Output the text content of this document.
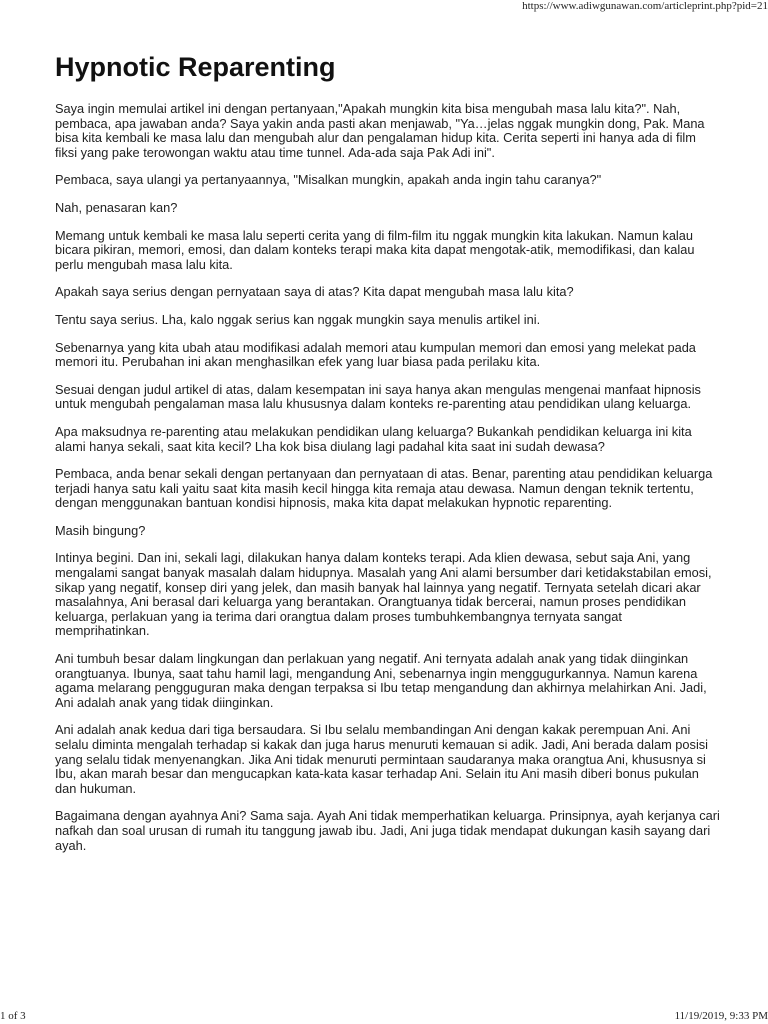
https://www.adiwgunawan.com/articleprint.php?pid=21
Hypnotic Reparenting

Saya ingin memulai artikel ini dengan pertanyaan,"Apakah mungkin kita bisa mengubah masa lalu kita?". Nah, pembaca, apa jawaban anda? Saya yakin anda pasti akan menjawab, "Ya…jelas nggak mungkin dong, Pak. Mana bisa kita kembali ke masa lalu dan mengubah alur dan pengalaman hidup kita. Cerita seperti ini hanya ada di film fiksi yang pake terowongan waktu atau time tunnel. Ada-ada saja Pak Adi ini".

Pembaca, saya ulangi ya pertanyaannya, "Misalkan mungkin, apakah anda ingin tahu caranya?"

Nah, penasaran kan?

Memang untuk kembali ke masa lalu seperti cerita yang di film-film itu nggak mungkin kita lakukan. Namun kalau bicara pikiran, memori, emosi, dan dalam konteks terapi maka kita dapat mengotak-atik, memodifikasi, dan kalau perlu mengubah masa lalu kita.

Apakah saya serius dengan pernyataan saya di atas? Kita dapat mengubah masa lalu kita?

Tentu saya serius. Lha, kalo nggak serius kan nggak mungkin saya menulis artikel ini.

Sebenarnya yang kita ubah atau modifikasi adalah memori atau kumpulan memori dan emosi yang melekat pada memori itu. Perubahan ini akan menghasilkan efek yang luar biasa pada perilaku kita.

Sesuai dengan judul artikel di atas, dalam kesempatan ini saya hanya akan mengulas mengenai manfaat hipnosis untuk mengubah pengalaman masa lalu khususnya dalam konteks re-parenting atau pendidikan ulang keluarga.

Apa maksudnya re-parenting atau melakukan pendidikan ulang keluarga? Bukankah pendidikan keluarga ini kita alami hanya sekali, saat kita kecil? Lha kok bisa diulang lagi padahal kita saat ini sudah dewasa?

Pembaca, anda benar sekali dengan pertanyaan dan pernyataan di atas. Benar, parenting atau pendidikan keluarga terjadi hanya satu kali yaitu saat kita masih kecil hingga kita remaja atau dewasa. Namun dengan teknik tertentu, dengan menggunakan bantuan kondisi hipnosis, maka kita dapat melakukan hypnotic reparenting.

Masih bingung?

Intinya begini. Dan ini, sekali lagi, dilakukan hanya dalam konteks terapi. Ada klien dewasa, sebut saja Ani, yang mengalami sangat banyak masalah dalam hidupnya. Masalah yang Ani alami bersumber dari ketidakstabilan emosi, sikap yang negatif, konsep diri yang jelek, dan masih banyak hal lainnya yang negatif. Ternyata setelah dicari akar masalahnya, Ani berasal dari keluarga yang berantakan. Orangtuanya tidak bercerai, namun proses pendidikan keluarga, perlakuan yang ia terima dari orangtua dalam proses tumbuhkembangnya ternyata sangat memprihatinkan.

Ani tumbuh besar dalam lingkungan dan perlakuan yang negatif. Ani ternyata adalah anak yang tidak diinginkan orangtuanya. Ibunya, saat tahu hamil lagi, mengandung Ani, sebenarnya ingin menggugurkannya. Namun karena agama melarang pengguguran maka dengan terpaksa si Ibu tetap mengandung dan akhirnya melahirkan Ani. Jadi, Ani adalah anak yang tidak diinginkan.

Ani adalah anak kedua dari tiga bersaudara. Si Ibu selalu membandingan Ani dengan kakak perempuan Ani. Ani selalu diminta mengalah terhadap si kakak dan juga harus menuruti kemauan si adik. Jadi, Ani berada dalam posisi yang selalu tidak menyenangkan. Jika Ani tidak menuruti permintaan saudaranya maka orangtua Ani, khususnya si Ibu, akan marah besar dan mengucapkan kata-kata kasar terhadap Ani. Selain itu Ani masih diberi bonus pukulan dan hukuman.

Bagaimana dengan ayahnya Ani? Sama saja. Ayah Ani tidak memperhatikan keluarga. Prinsipnya, ayah kerjanya cari nafkah dan soal urusan di rumah itu tanggung jawab ibu. Jadi, Ani juga tidak mendapat dukungan kasih sayang dari ayah.

1 of 3	11/19/2019, 9:33 PM
